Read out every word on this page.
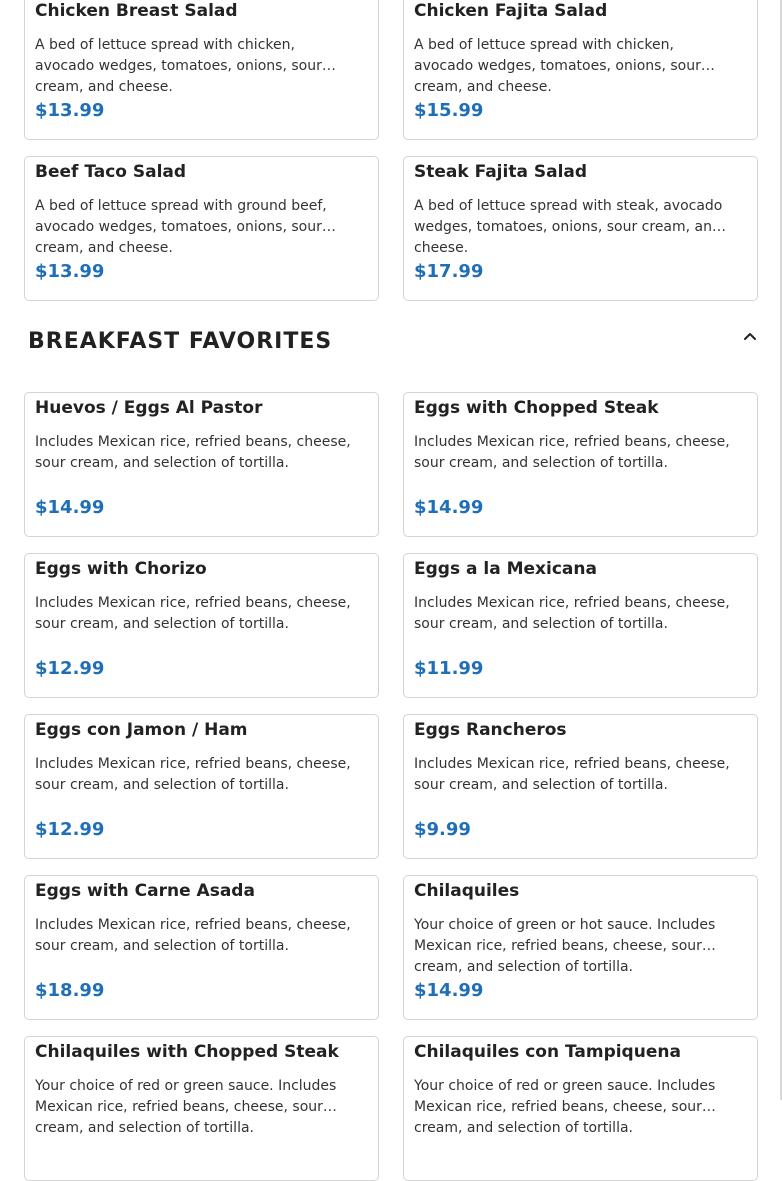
Chicken Breast Salad
A bed of lettuce spread with chicken, avocado wedges, tomatoes, onions, sour cream, and cheese.
$13.99
Chicken Fajita Salad
A bed of lettuce spread with chicken, avocado wedges, tomatoes, onions, sour cream, and cheese.
$15.99
Beef Taco Salad
A bed of lettuce spread with ground beef, avocado wedges, tomatoes, onions, sour cream, and cheese.
$13.99
Steak Fajita Salad
A bed of lettuce spread with steak, avocado wedges, tomatoes, onions, sour cream, and cheese.
$17.99
BREAKFAST FAVORITES
Huevos / Eggs Al Pastor
Includes Mexican rice, refried beans, cheese, sour cream, and selection of tortilla.
$14.99
Eggs with Chopped Steak
Includes Mexican rice, refried beans, cheese, sour cream, and selection of tortilla.
$14.99
Eggs with Chorizo
Includes Mexican rice, refried beans, cheese, sour cream, and selection of tortilla.
$12.99
Eggs a la Mexicana
Includes Mexican rice, refried beans, cheese, sour cream, and selection of tortilla.
$11.99
Eggs con Jamon / Ham
Includes Mexican rice, refried beans, cheese, sour cream, and selection of tortilla.
$12.99
Eggs Rancheros
Includes Mexican rice, refried beans, cheese, sour cream, and selection of tortilla.
$9.99
Eggs with Carne Asada
Includes Mexican rice, refried beans, cheese, sour cream, and selection of tortilla.
$18.99
Chilaquiles
Your choice of green or hot sauce. Includes Mexican rice, refried beans, cheese, sour cream, and selection of tortilla.
$14.99
Chilaquiles with Chopped Steak
Your choice of red or green sauce. Includes Mexican rice, refried beans, cheese, sour cream, and selection of tortilla.
Chilaquiles con Tampiquena
Your choice of red or green sauce. Includes Mexican rice, refried beans, cheese, sour cream, and selection of tortilla.
